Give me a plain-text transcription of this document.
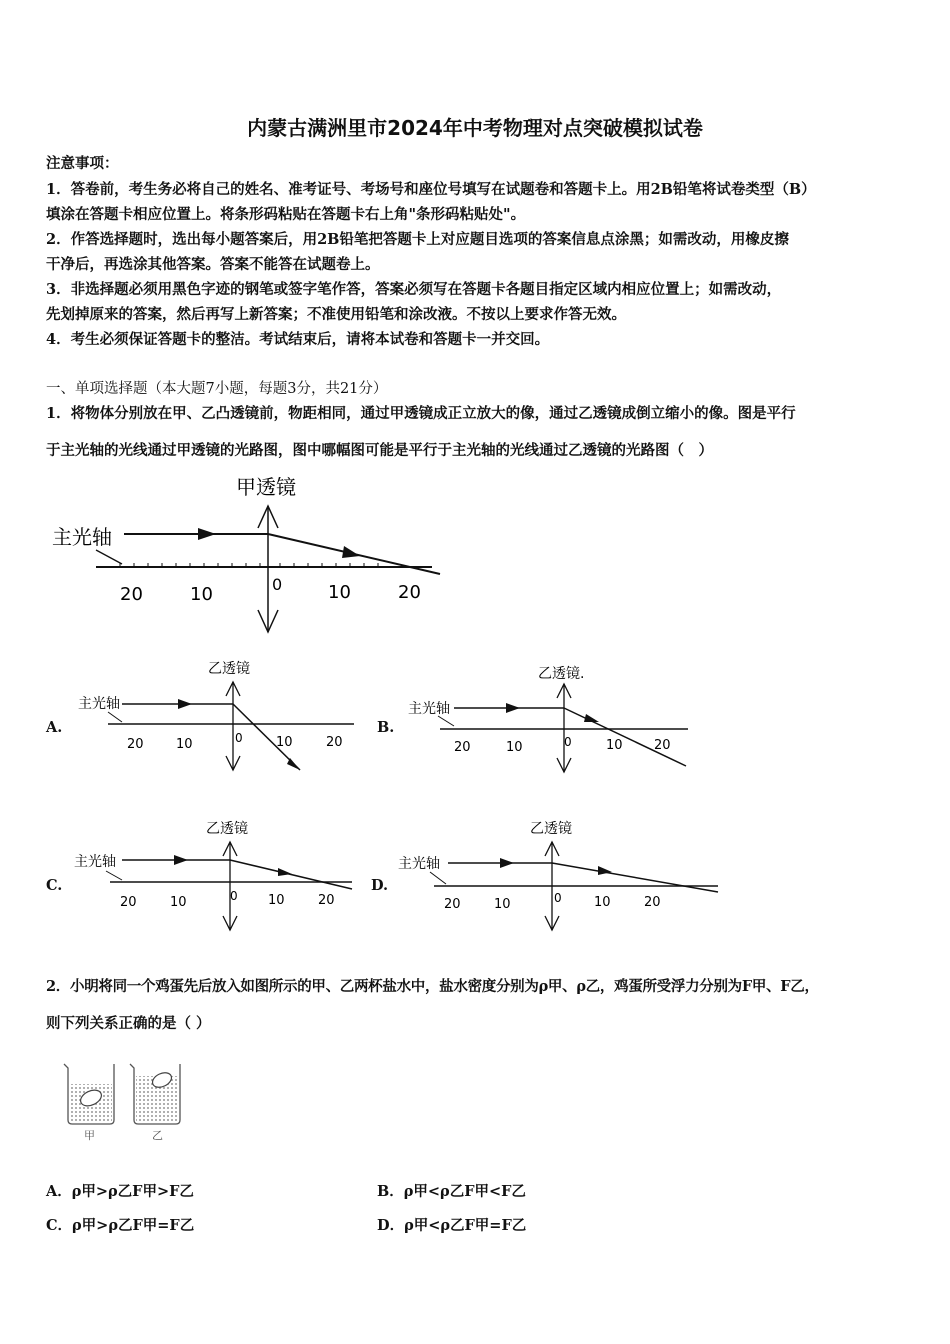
内蒙古满洲里市2024年中考物理对点突破模拟试卷
注意事项：
1．答卷前，考生务必将自己的姓名、准考证号、考场号和座位号填写在试题卷和答题卡上。用2B铅笔将试卷类型（B）
填涂在答题卡相应位置上。将条形码粘贴在答题卡右上角"条形码粘贴处"。
2．作答选择题时，选出每小题答案后，用2B铅笔把答题卡上对应题目选项的答案信息点涂黑；如需改动，用橡皮擦
干净后，再选涂其他答案。答案不能答在试题卷上。
3．非选择题必须用黑色字迹的钢笔或签字笔作答，答案必须写在答题卡各题目指定区域内相应位置上；如需改动，
先划掉原来的答案，然后再写上新答案；不准使用铅笔和涂改液。不按以上要求作答无效。
4．考生必须保证答题卡的整洁。考试结束后，请将本试卷和答题卡一并交回。
一、单项选择题（本大题7小题，每题3分，共21分）
1．将物体分别放在甲、乙凸透镜前，物距相同，通过甲透镜成正立放大的像，通过乙透镜成倒立缩小的像。图是平行
于主光轴的光线通过甲透镜的光路图，图中哪幅图可能是平行于主光轴的光线通过乙透镜的光路图（　）
甲透镜
主光轴
20	10	0	10	20
A.
乙透镜
主光轴
20 10	0	10	20
B.
乙透镜.
主光轴
20	10	0	10 20
C.
乙透镜
主光轴
20	10	0 10	20
D.
乙透镜
主光轴
20	10	0 10	20
2．小明将同一个鸡蛋先后放入如图所示的甲、乙两杯盐水中，盐水密度分别为ρ甲、ρ乙，鸡蛋所受浮力分别为F甲、F乙，
则下列关系正确的是（ ）
甲	乙
A．ρ甲>ρ乙F甲>F乙	B．ρ甲<ρ乙F甲<F乙
C．ρ甲>ρ乙F甲=F乙	D．ρ甲<ρ乙F甲=F乙
